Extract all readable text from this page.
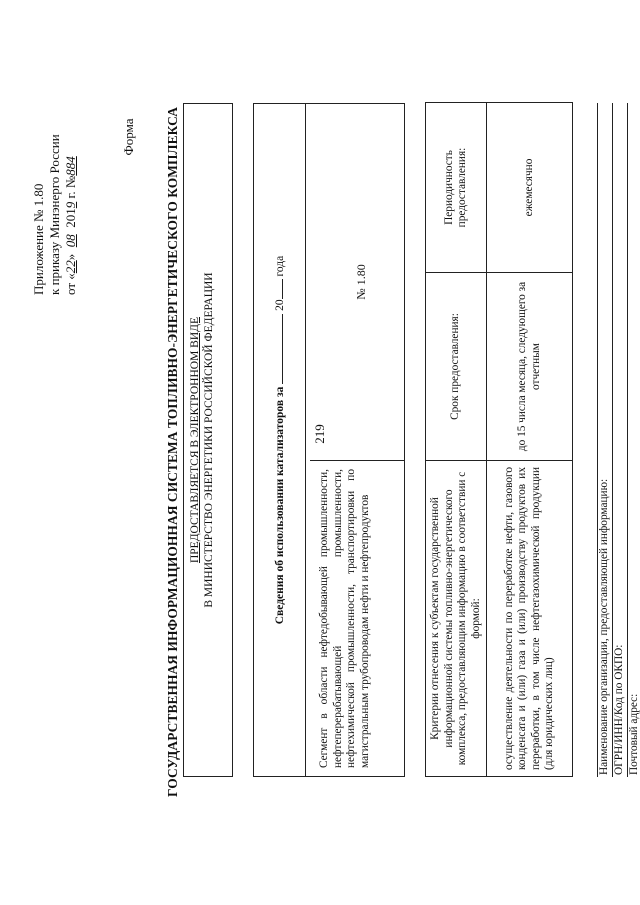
219
Приложение № 1.80 к приказу Минэнерго России от «22»  08  2019 г. №884
Форма ГОСУДАРСТВЕННАЯ ИНФОРМАЦИОННАЯ СИСТЕМА ТОПЛИВНО-ЭНЕРГЕТИЧЕСКОГО КОМПЛЕКСА ПРЕДОСТАВЛЯЕТСЯ В ЭЛЕКТРОННОМ ВИДЕ В МИНИСТЕРСТВО ЭНЕРГЕТИКИ РОССИЙСКОЙ ФЕДЕРАЦИИ	Сведения об использовании катализаторов за  20 года
Сегмент в области нефтедобывающей промышленности, нефтеперерабатывающей промышленности, нефтехимической промышленности, транспортировки по магистральным трубопроводам нефти и нефтепродуктов
№ 1.80
Критерии отнесения к субъектам государственной информационной системы топливно-энергетического комплекса, предоставляющим информацию в соответствии с формой:	Срок предоставления:	Периодичность предоставления:
осуществление деятельности по переработке нефти, газового конденсата и (или) газа и (или) производству продуктов их переработки, в том числе нефтегазохимической продукции (для юридических лиц)	до 15 числа месяца, следующего за отчетным	ежемесячно
Наименование организации, предоставляющей информацию: ОГРН/ИНН/Код по ОКПО: Почтовый адрес:
